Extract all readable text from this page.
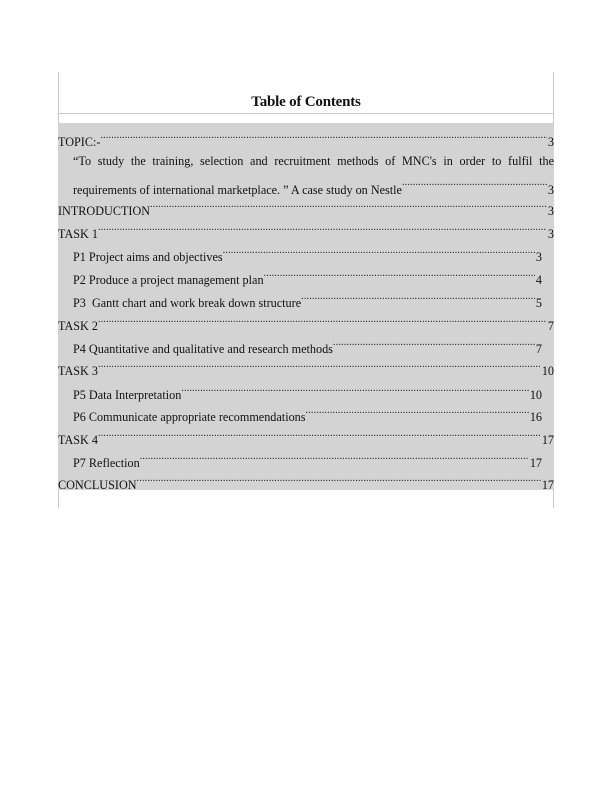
Table of Contents
TOPIC:- .....	3
“To study the training, selection and recruitment methods of MNC's in order to fulfil the
requirements of international marketplace. ” A case study on Nestle .....	3
INTRODUCTION .....	3
TASK 1 .....	3
P1 Project aims and objectives .....	3
P2 Produce a project management plan .....	4
P3  Gantt chart and work break down structure .....	5
TASK 2 .....	7
P4 Quantitative and qualitative and research methods .....	7
TASK 3 .....	10
P5 Data Interpretation .....	10
P6 Communicate appropriate recommendations .....	16
TASK 4 .....	17
P7 Reflection .....	17
CONCLUSION .....	17
